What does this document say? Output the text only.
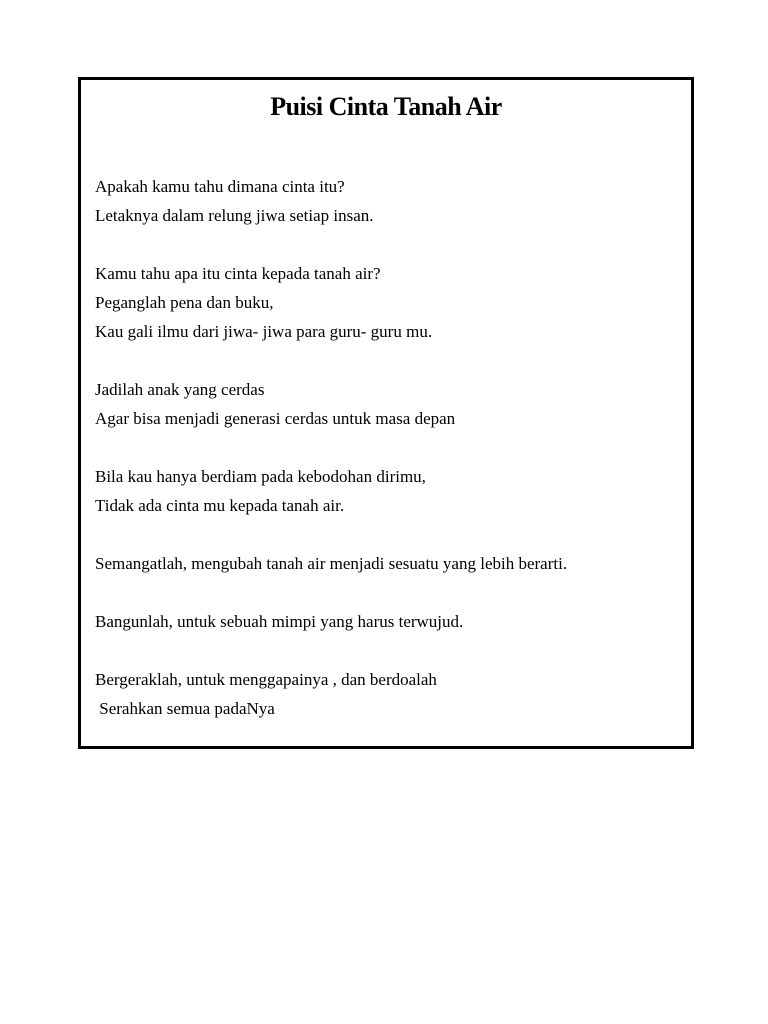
Puisi Cinta Tanah Air
Apakah kamu tahu dimana cinta itu?
Letaknya dalam relung jiwa setiap insan.
Kamu tahu apa itu cinta kepada tanah air?
Peganglah pena dan buku,
Kau gali ilmu dari jiwa- jiwa para guru- guru mu.
Jadilah anak yang cerdas
Agar bisa menjadi generasi cerdas untuk masa depan
Bila kau hanya berdiam pada kebodohan dirimu,
Tidak ada cinta mu kepada tanah air.
Semangatlah, mengubah tanah air menjadi sesuatu yang lebih berarti.
Bangunlah, untuk sebuah mimpi yang harus terwujud.
Bergeraklah, untuk menggapainya , dan berdoalah
Serahkan semua padaNya
